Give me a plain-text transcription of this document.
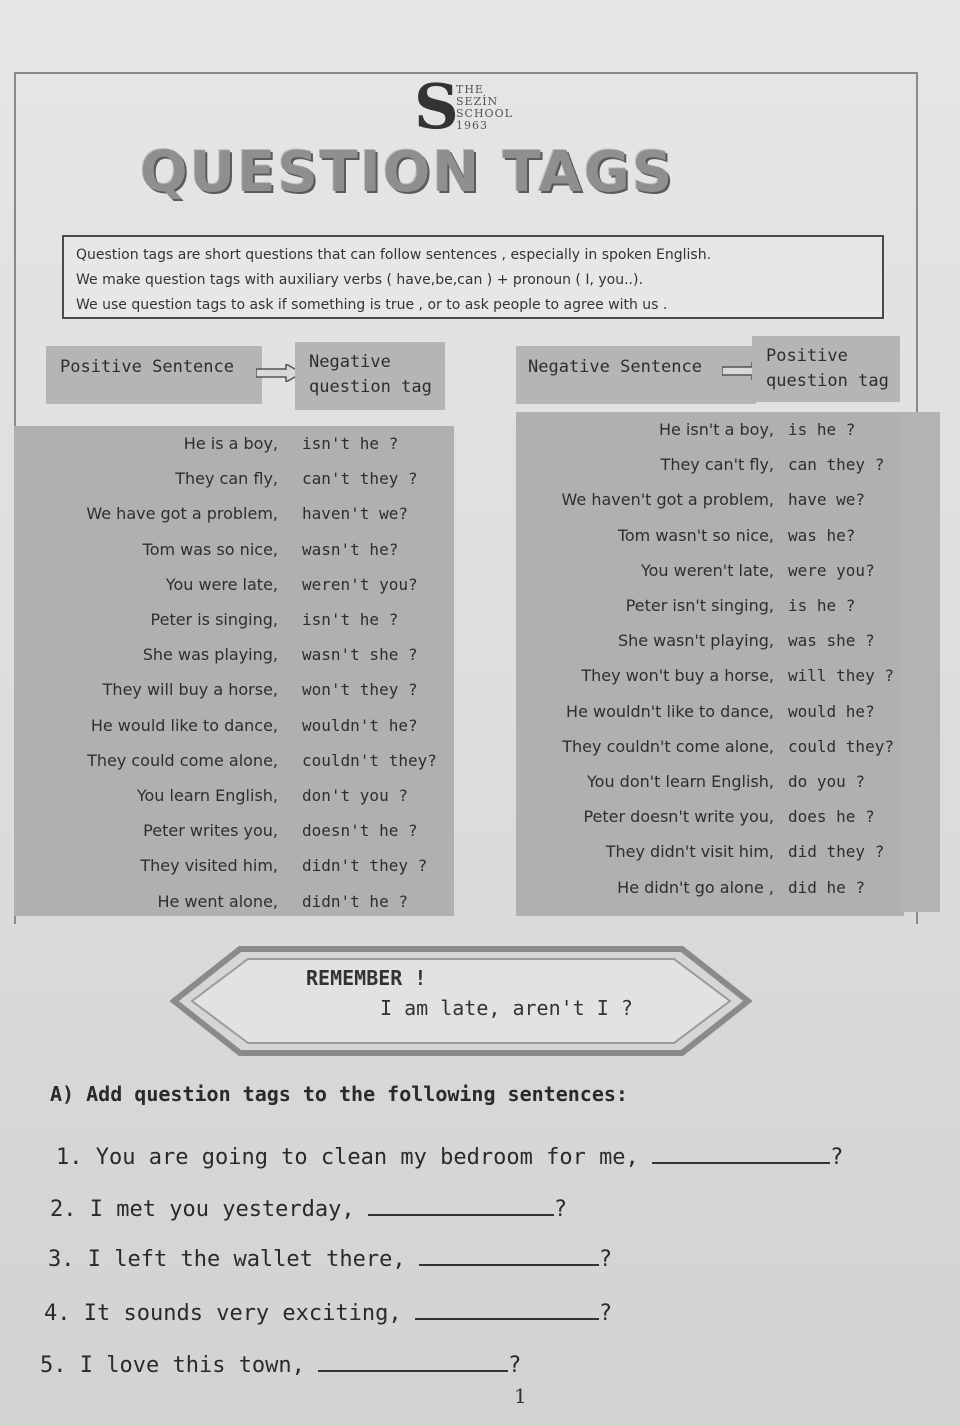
S
THE
SEZİN
SCHOOL
1963
QUESTION TAGS
Question tags are short questions that can follow sentences , especially in spoken English.
We make question tags with auxiliary verbs ( have,be,can ) + pronoun ( I, you..).
We use question tags to ask if something is true , or to ask people to agree with us .
Positive Sentence	Negative
question tag
Negative Sentence
Positive
question tag
He is a boy, isn't he ?
They can fly, can't they ?
We have got a problem, haven't we?
Tom was so nice, wasn't he?
You were late, weren't you?
Peter is singing, isn't he ?
She was playing, wasn't she ?
They will buy a horse, won't they ?
He would like to dance, wouldn't he?
They could come alone, couldn't they?
You learn English, don't you ?
Peter writes you, doesn't he ?
They visited him, didn't they ?
He went alone, didn't he ?
He isn't a boy, is he ?
They can't fly, can they ?
We haven't got a problem, have we?
Tom wasn't so nice, was he?
You weren't late, were you?
Peter isn't singing, is he ?
She wasn't playing, was she ?
They won't buy a horse, will they ?
He wouldn't like to dance, would he?
They couldn't come alone, could they?
You don't learn English, do you ?
Peter doesn't write you, does he ?
They didn't visit him, did they ?
He didn't go alone , did he ?
REMEMBER !
I am late, aren't I ?
A) Add question tags to the following sentences:
1. You are going to clean my bedroom for me,	?
2. I met you yesterday,	?
3. I left the wallet there,	?
4. It sounds very exciting,	?
5. I love this town,	?
1
